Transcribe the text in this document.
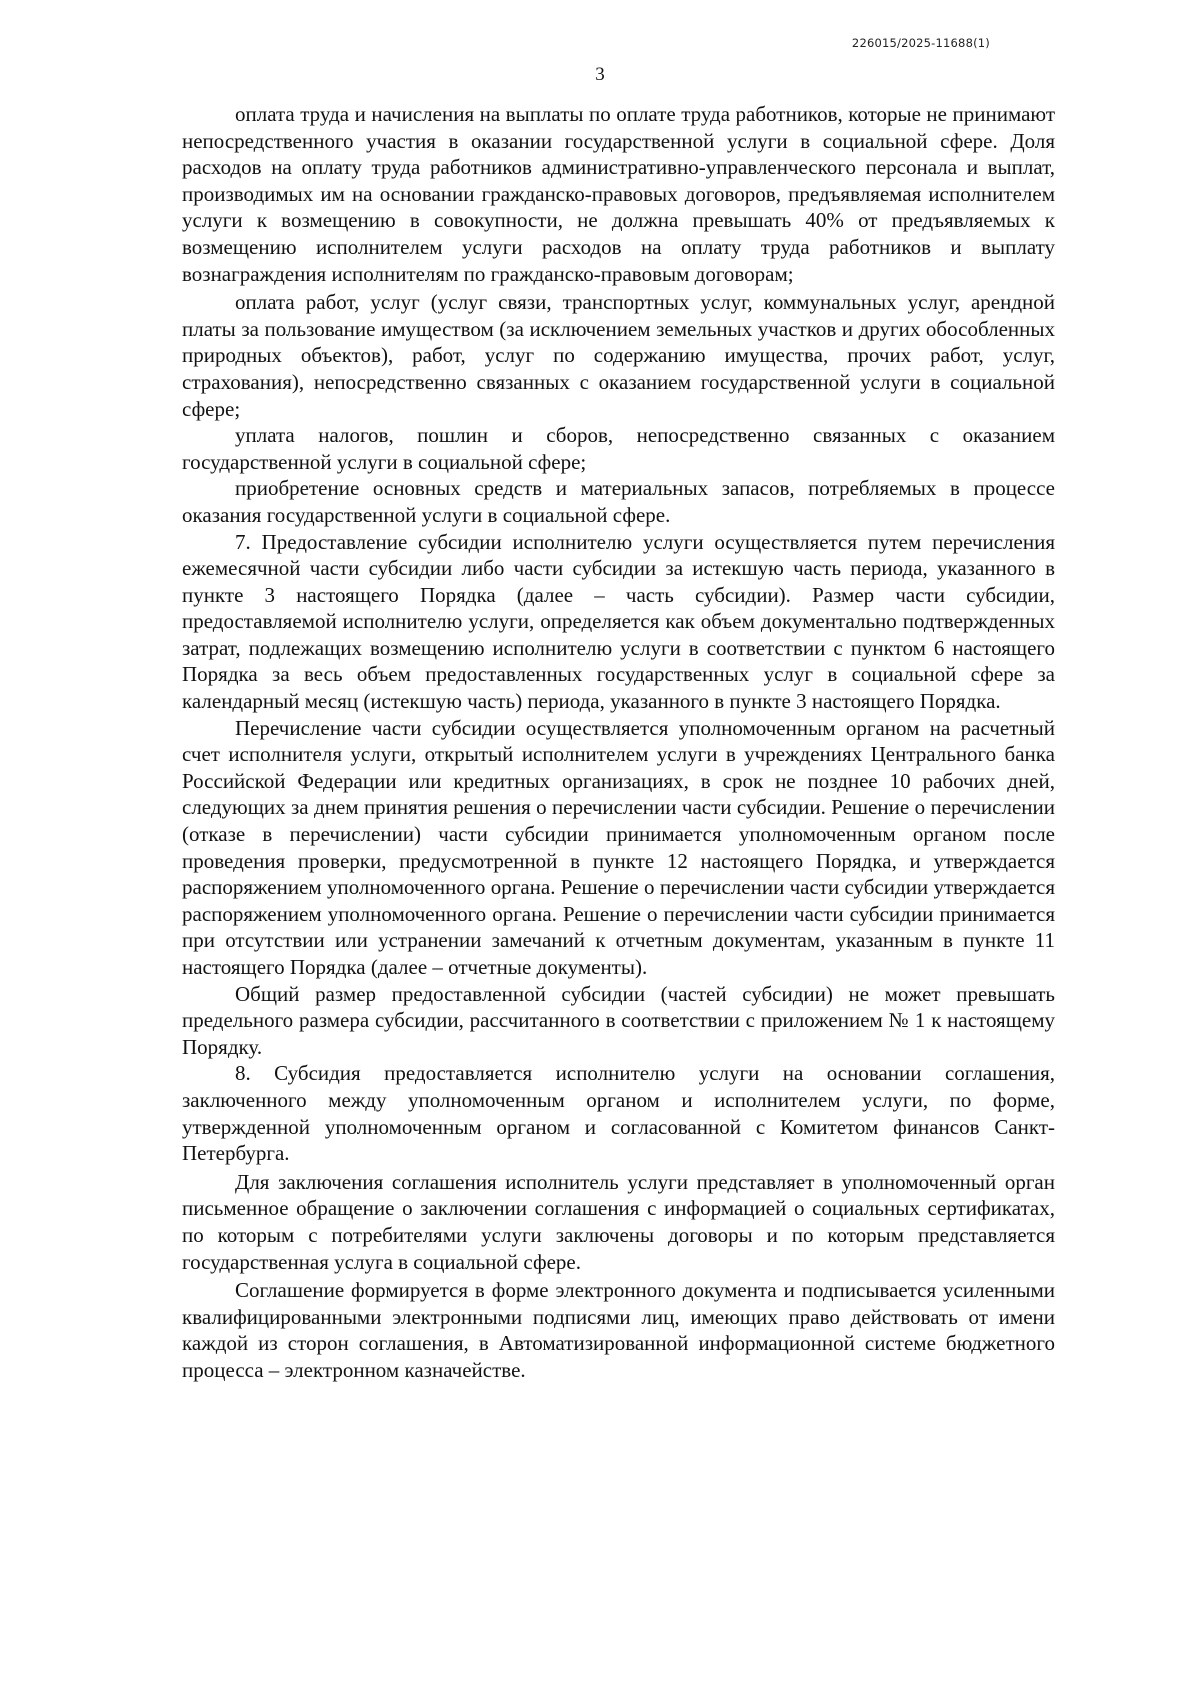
226015/2025-11688(1)
3

оплата труда и начисления на выплаты по оплате труда работников, которые не принимают непосредственного участия в оказании государственной услуги в социальной сфере. Доля расходов на оплату труда работников административно-управленческого персонала и выплат, производимых им на основании гражданско-правовых договоров, предъявляемая исполнителем услуги к возмещению в совокупности, не должна превышать 40% от предъявляемых к возмещению исполнителем услуги расходов на оплату труда работников и выплату вознаграждения исполнителям по гражданско-правовым договорам;

оплата работ, услуг (услуг связи, транспортных услуг, коммунальных услуг, арендной платы за пользование имуществом (за исключением земельных участков и других обособленных природных объектов), работ, услуг по содержанию имущества, прочих работ, услуг, страхования), непосредственно связанных с оказанием государственной услуги в социальной сфере;

уплата налогов, пошлин и сборов, непосредственно связанных с оказанием государственной услуги в социальной сфере;

приобретение основных средств и материальных запасов, потребляемых в процессе оказания государственной услуги в социальной сфере.

7. Предоставление субсидии исполнителю услуги осуществляется путем перечисления ежемесячной части субсидии либо части субсидии за истекшую часть периода, указанного в пункте 3 настоящего Порядка (далее – часть субсидии). Размер части субсидии, предоставляемой исполнителю услуги, определяется как объем документально подтвержденных затрат, подлежащих возмещению исполнителю услуги в соответствии с пунктом 6 настоящего Порядка за весь объем предоставленных государственных услуг в социальной сфере за календарный месяц (истекшую часть) периода, указанного в пункте 3 настоящего Порядка.

Перечисление части субсидии осуществляется уполномоченным органом на расчетный счет исполнителя услуги, открытый исполнителем услуги в учреждениях Центрального банка Российской Федерации или кредитных организациях, в срок не позднее 10 рабочих дней, следующих за днем принятия решения о перечислении части субсидии. Решение о перечислении (отказе в перечислении) части субсидии принимается уполномоченным органом после проведения проверки, предусмотренной в пункте 12 настоящего Порядка, и утверждается распоряжением уполномоченного органа. Решение о перечислении части субсидии утверждается распоряжением уполномоченного органа. Решение о перечислении части субсидии принимается при отсутствии или устранении замечаний к отчетным документам, указанным в пункте 11 настоящего Порядка (далее – отчетные документы).

Общий размер предоставленной субсидии (частей субсидии) не может превышать предельного размера субсидии, рассчитанного в соответствии с приложением № 1 к настоящему Порядку.

8. Субсидия предоставляется исполнителю услуги на основании соглашения, заключенного между уполномоченным органом и исполнителем услуги, по форме, утвержденной уполномоченным органом и согласованной с Комитетом финансов Санкт-Петербурга.

Для заключения соглашения исполнитель услуги представляет в уполномоченный орган письменное обращение о заключении соглашения с информацией о социальных сертификатах, по которым с потребителями услуги заключены договоры и по которым представляется государственная услуга в социальной сфере.

Соглашение формируется в форме электронного документа и подписывается усиленными квалифицированными электронными подписями лиц, имеющих право действовать от имени каждой из сторон соглашения, в Автоматизированной информационной системе бюджетного процесса – электронном казначействе.
